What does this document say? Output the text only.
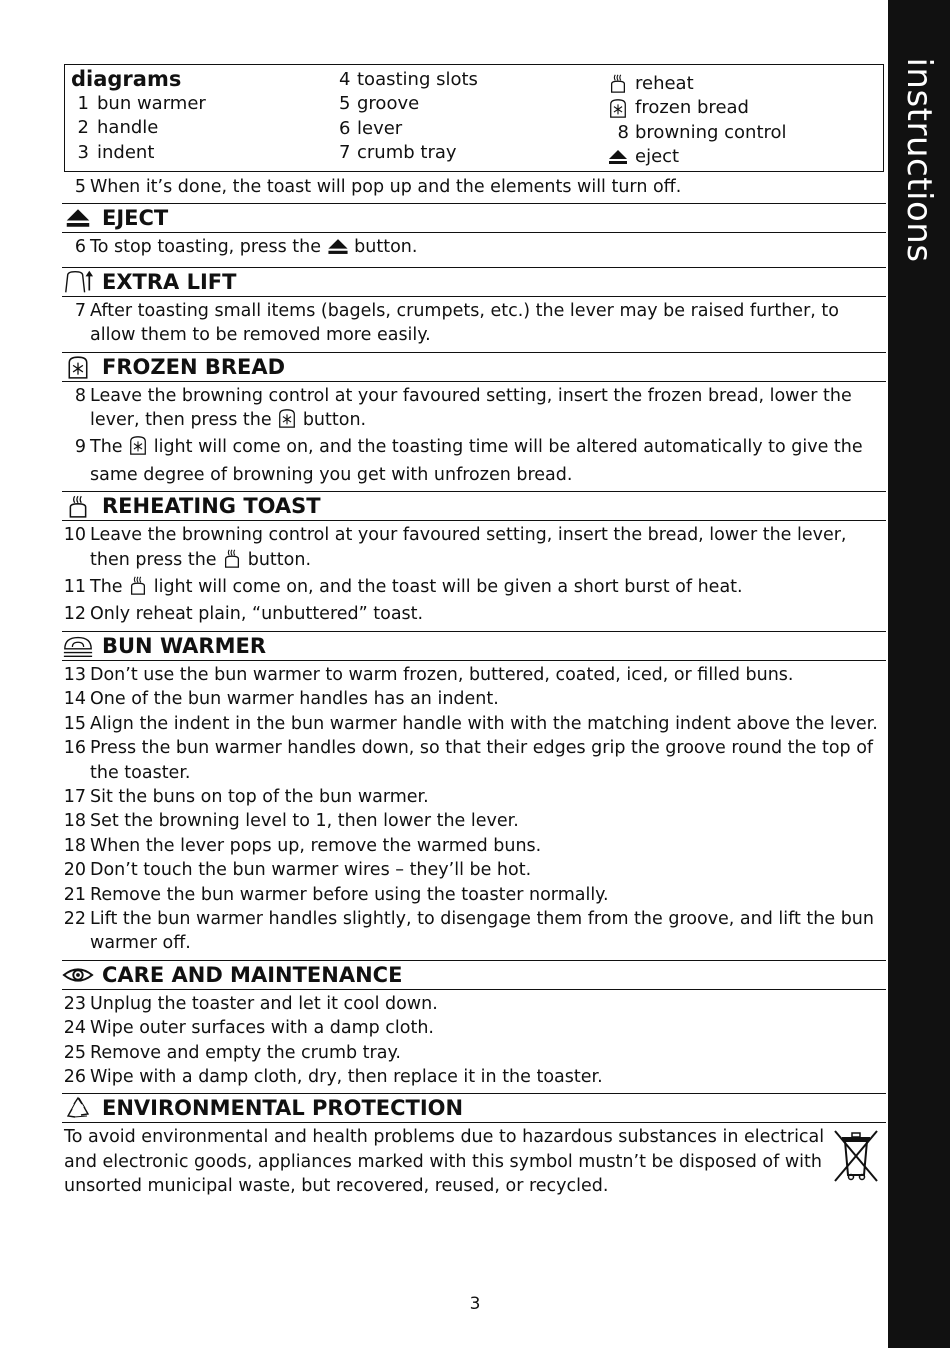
instructions
diagrams
1 bun warmer
2 handle
3 indent
4 toasting slots
5 groove
6 lever
7 crumb tray
reheat
frozen bread
8 browning control
eject
5 When it’s done, the toast will pop up and the elements will turn off.
EJECT
6 To stop toasting, press the button.
EXTRA LIFT
7 After toasting small items (bagels, crumpets, etc.) the lever may be raised further, to allow them to be removed more easily.
FROZEN BREAD
8 Leave the browning control at your favoured setting, insert the frozen bread, lower the lever, then press the button.
9 The light will come on, and the toasting time will be altered automatically to give the same degree of browning you get with unfrozen bread.
REHEATING TOAST
10 Leave the browning control at your favoured setting, insert the bread, lower the lever, then press the button.
11 The light will come on, and the toast will be given a short burst of heat.
12 Only reheat plain, “unbuttered” toast.
BUN WARMER
13 Don’t use the bun warmer to warm frozen, buttered, coated, iced, or filled buns.
14 One of the bun warmer handles has an indent.
15 Align the indent in the bun warmer handle with with the matching indent above the lever.
16 Press the bun warmer handles down, so that their edges grip the groove round the top of the toaster.
17 Sit the buns on top of the bun warmer.
18 Set the browning level to 1, then lower the lever.
18 When the lever pops up, remove the warmed buns.
20 Don’t touch the bun warmer wires – they’ll be hot.
21 Remove the bun warmer before using the toaster normally.
22 Lift the bun warmer handles slightly, to disengage them from the groove, and lift the bun warmer off.
CARE AND MAINTENANCE
23 Unplug the toaster and let it cool down.
24 Wipe outer surfaces with a damp cloth.
25 Remove and empty the crumb tray.
26 Wipe with a damp cloth, dry, then replace it in the toaster.
ENVIRONMENTAL PROTECTION
To avoid environmental and health problems due to hazardous substances in electrical and electronic goods, appliances marked with this symbol mustn’t be disposed of with unsorted municipal waste, but recovered, reused, or recycled.
3
